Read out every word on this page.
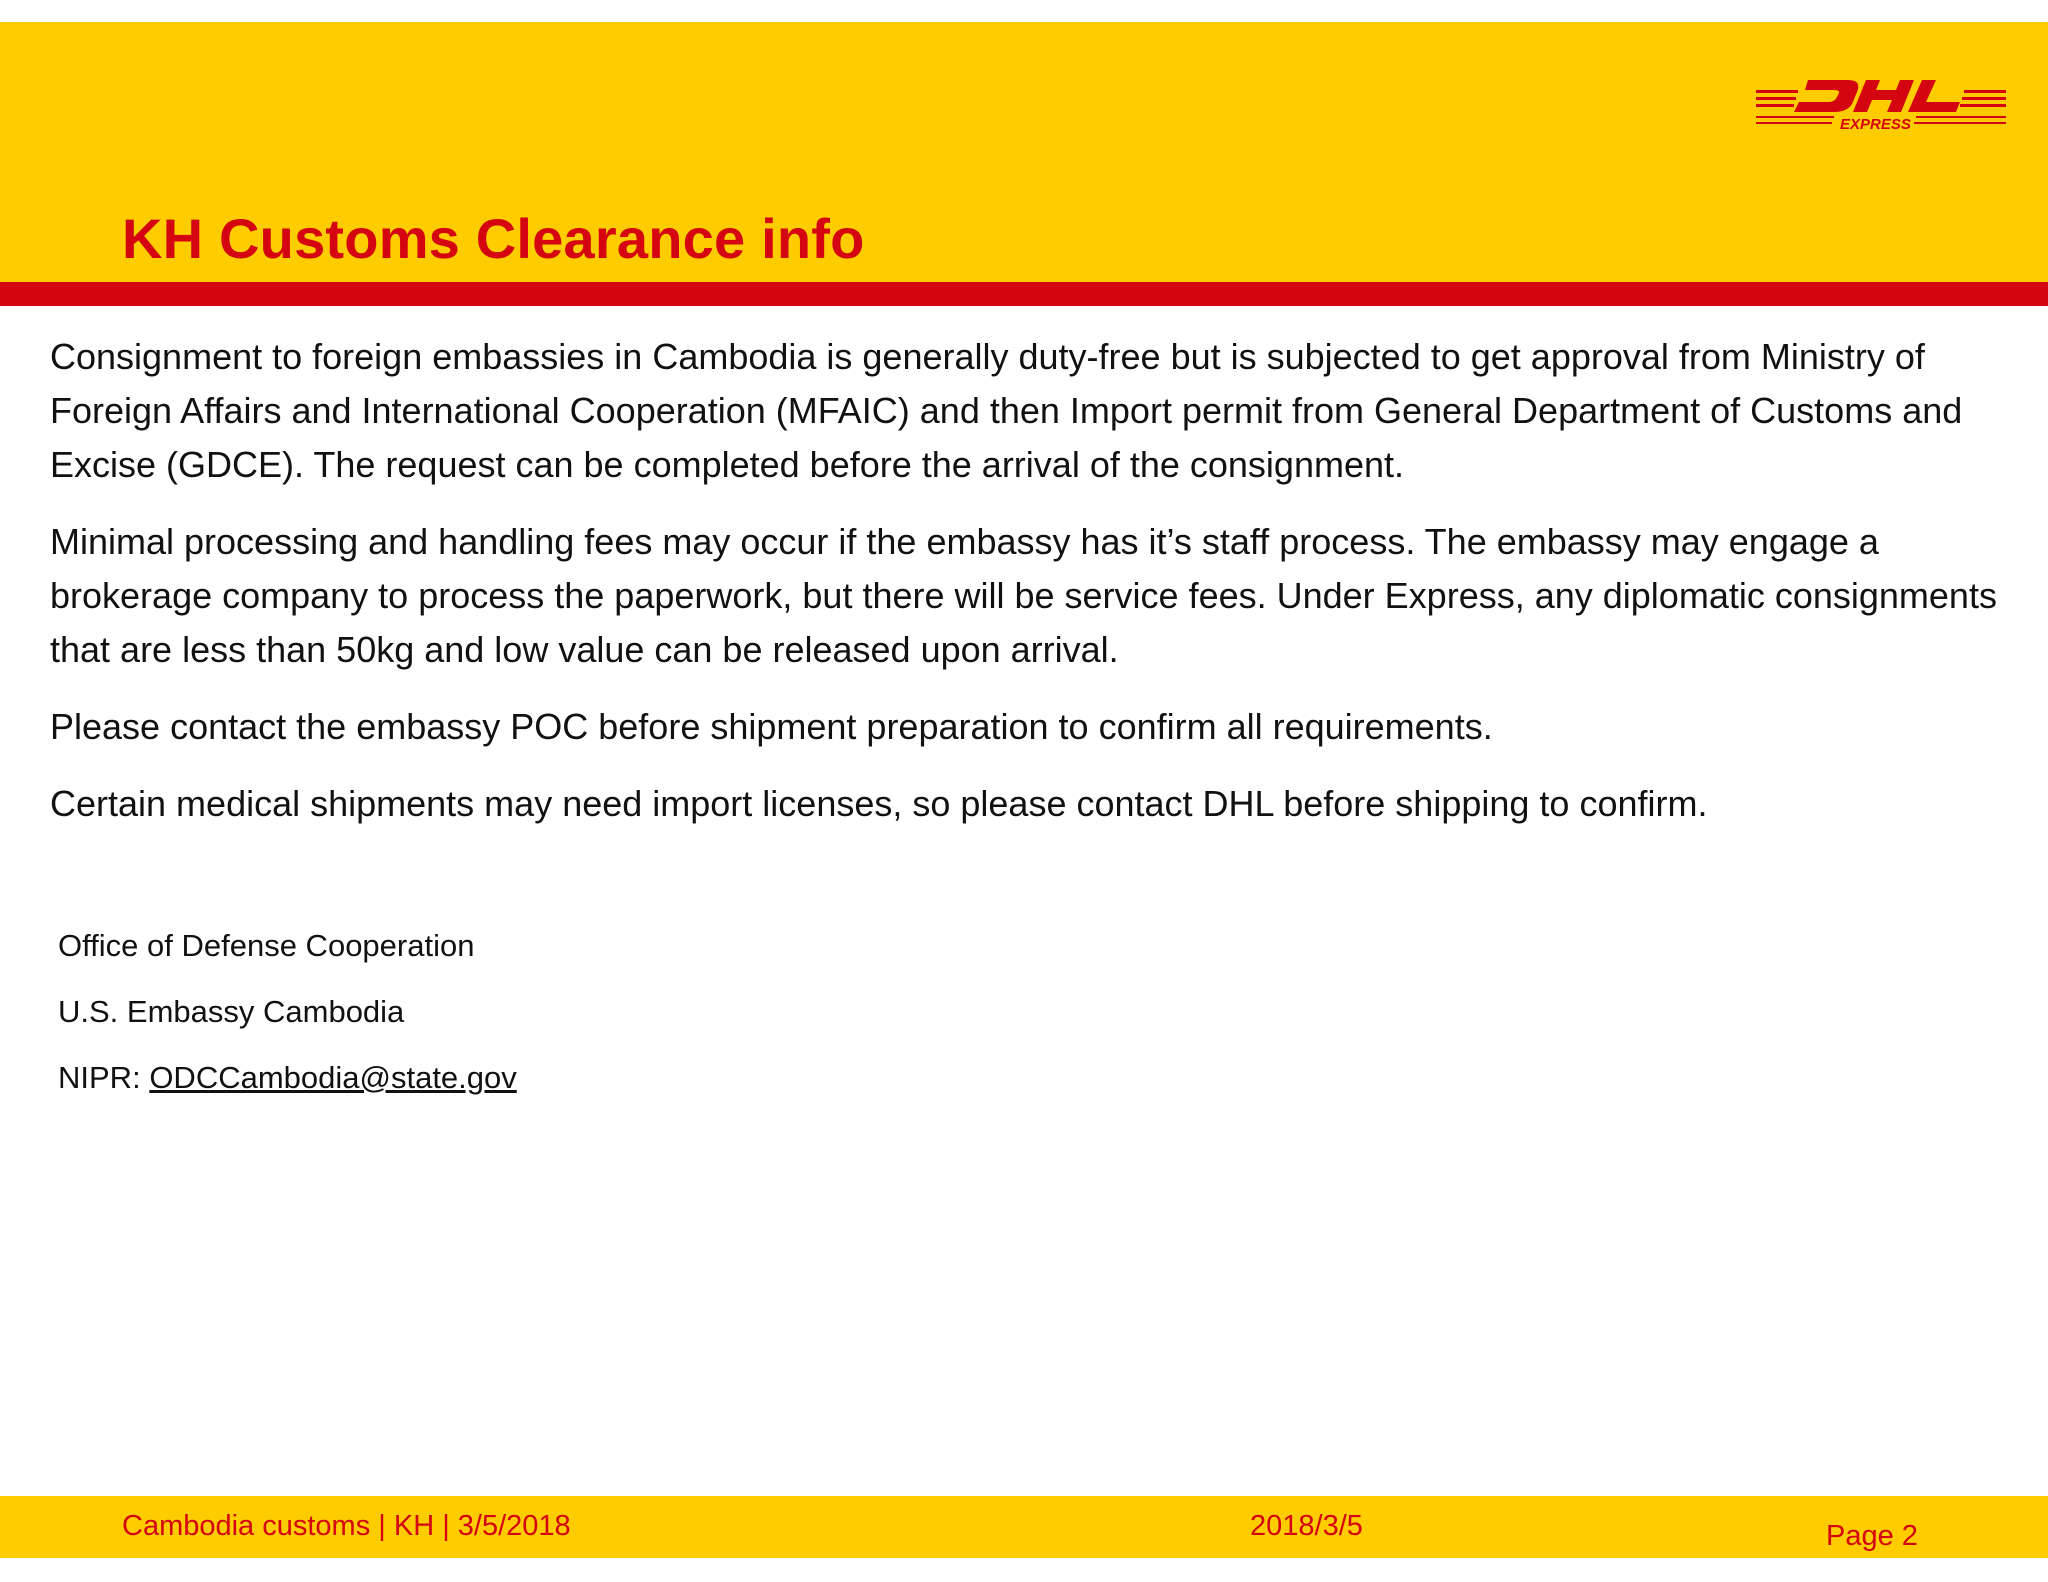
KH Customs Clearance info
EXPRESS

Consignment to foreign embassies in Cambodia is generally duty-free but is subjected to get approval from Ministry of Foreign Affairs and International Cooperation (MFAIC) and then Import permit from General Department of Customs and Excise (GDCE). The request can be completed before the arrival of the consignment.

Minimal processing and handling fees may occur if the embassy has it’s staff process. The embassy may engage a brokerage company to process the paperwork, but there will be service fees. Under Express, any diplomatic consignments that are less than 50kg and low value can be released upon arrival.

Please contact the embassy POC before shipment preparation to confirm all requirements.

Certain medical shipments may need import licenses, so please contact DHL before shipping to confirm.

Office of Defense Cooperation
U.S. Embassy Cambodia
NIPR: ODCCambodia@state.gov
Cambodia customs | KH | 3/5/2018	2018/3/5	Page 2
